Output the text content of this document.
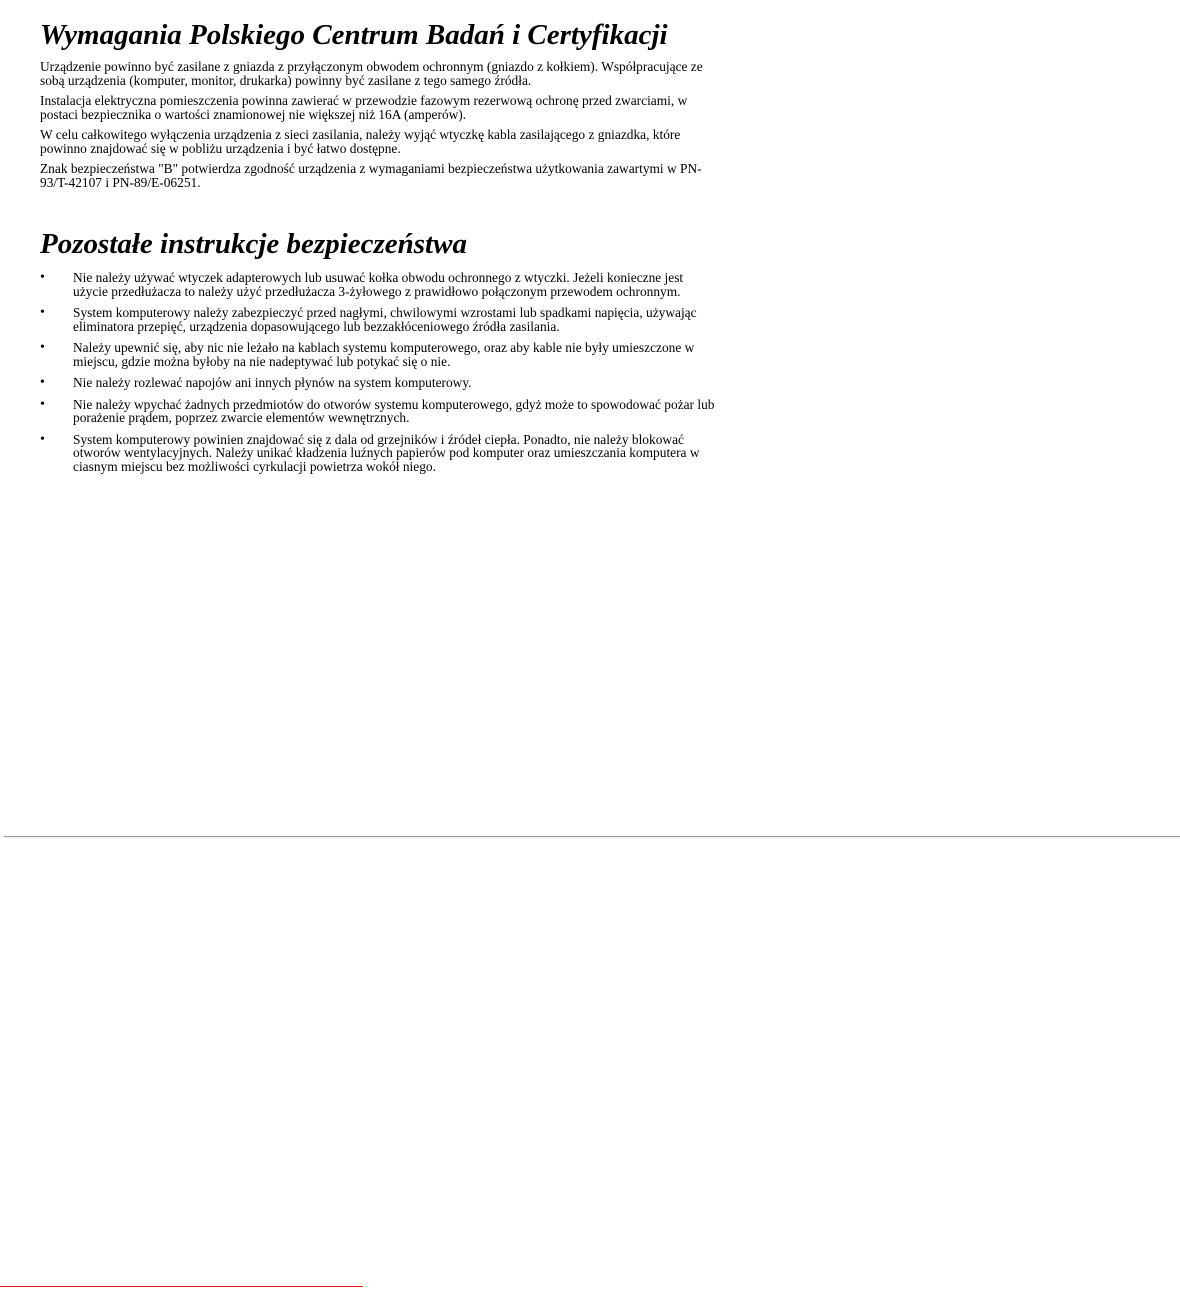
Wymagania Polskiego Centrum Badań i Certyfikacji

Urządzenie powinno być zasilane z gniazda z przyłączonym obwodem ochronnym (gniazdo z kołkiem). Współpracujące ze sobą urządzenia (komputer, monitor, drukarka) powinny być zasilane z tego samego źródła.

Instalacja elektryczna pomieszczenia powinna zawierać w przewodzie fazowym rezerwową ochronę przed zwarciami, w postaci bezpiecznika o wartości znamionowej nie większej niż 16A (amperów).

W celu całkowitego wyłączenia urządzenia z sieci zasilania, należy wyjąć wtyczkę kabla zasilającego z gniazdka, które powinno znajdować się w pobliżu urządzenia i być łatwo dostępne.

Znak bezpieczeństwa "B" potwierdza zgodność urządzenia z wymaganiami bezpieczeństwa użytkowania zawartymi w PN-93/T-42107 i PN-89/E-06251.

Pozostałe instrukcje bezpieczeństwa
• Nie należy używać wtyczek adapterowych lub usuwać kołka obwodu ochronnego z wtyczki. Jeżeli konieczne jest użycie przedłużacza to należy użyć przedłużacza 3-żyłowego z prawidłowo połączonym przewodem ochronnym.
• System komputerowy należy zabezpieczyć przed nagłymi, chwilowymi wzrostami lub spadkami napięcia, używając eliminatora przepięć, urządzenia dopasowującego lub bezzakłóceniowego źródła zasilania.
• Należy upewnić się, aby nic nie leżało na kablach systemu komputerowego, oraz aby kable nie były umieszczone w miejscu, gdzie można byłoby na nie nadeptywać lub potykać się o nie.
• Nie należy rozlewać napojów ani innych płynów na system komputerowy.
• Nie należy wpychać żadnych przedmiotów do otworów systemu komputerowego, gdyż może to spowodować pożar lub porażenie prądem, poprzez zwarcie elementów wewnętrznych.
• System komputerowy powinien znajdować się z dala od grzejników i źródeł ciepła. Ponadto, nie należy blokować otworów wentylacyjnych. Należy unikać kładzenia luźnych papierów pod komputer oraz umieszczania komputera w ciasnym miejscu bez możliwości cyrkulacji powietrza wokół niego.
